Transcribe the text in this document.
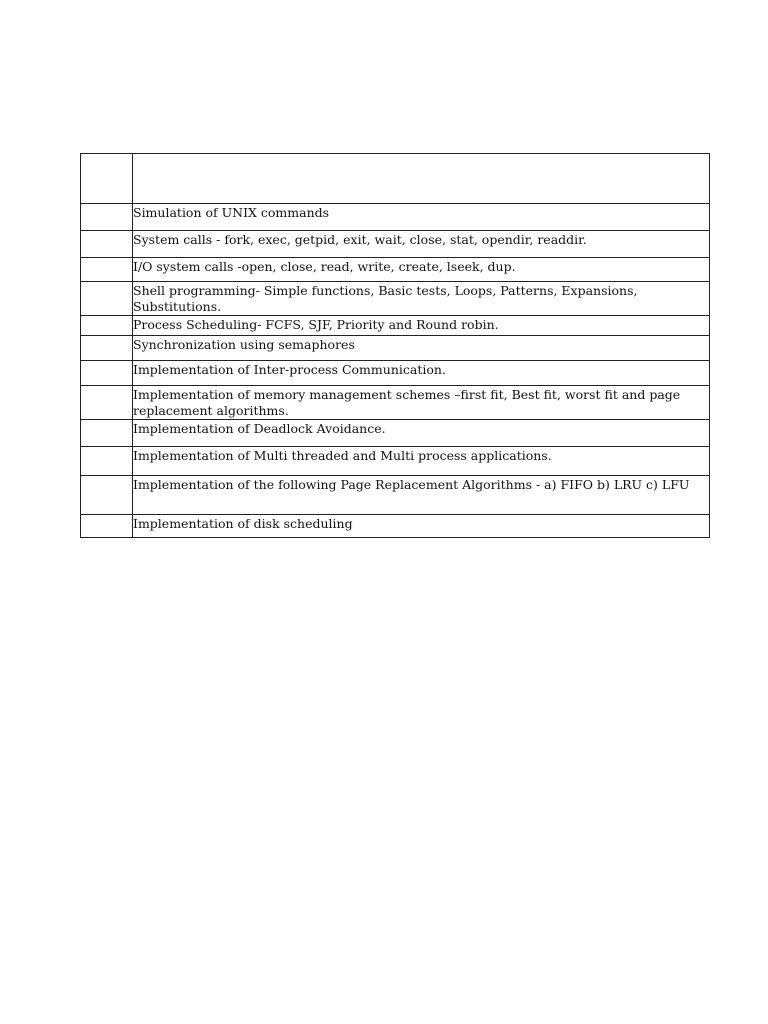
	Simulation of UNIX commands
	System calls - fork, exec, getpid, exit, wait, close, stat, opendir, readdir.
	I/O system calls -open, close, read, write, create, lseek, dup.
	Shell programming- Simple functions, Basic tests, Loops, Patterns, Expansions, Substitutions.
	Process Scheduling- FCFS, SJF, Priority and Round robin.
	Synchronization using semaphores
	Implementation of Inter-process Communication.
	Implementation of memory management schemes –first fit, Best fit, worst fit and page replacement algorithms.
	Implementation of Deadlock Avoidance.
	Implementation of Multi threaded and Multi process applications.
	Implementation of the following Page Replacement Algorithms - a) FIFO b) LRU c) LFU
	Implementation of disk scheduling
